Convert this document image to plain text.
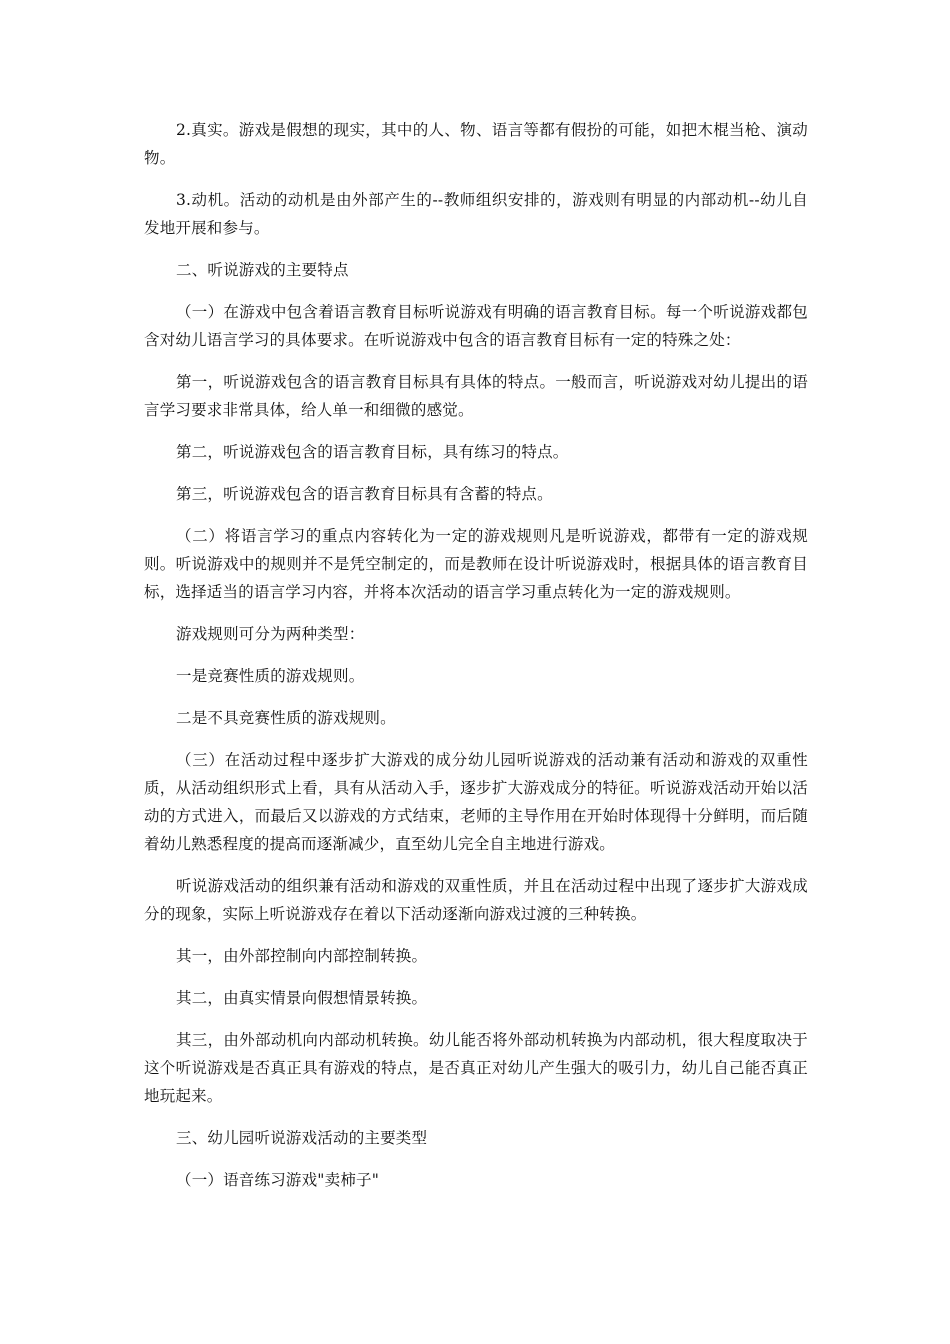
2.真实。游戏是假想的现实，其中的人、物、语言等都有假扮的可能，如把木棍当枪、演动物。

3.动机。活动的动机是由外部产生的--教师组织安排的，游戏则有明显的内部动机--幼儿自发地开展和参与。

二、听说游戏的主要特点

（一）在游戏中包含着语言教育目标听说游戏有明确的语言教育目标。每一个听说游戏都包含对幼儿语言学习的具体要求。在听说游戏中包含的语言教育目标有一定的特殊之处：

第一，听说游戏包含的语言教育目标具有具体的特点。一般而言，听说游戏对幼儿提出的语言学习要求非常具体，给人单一和细微的感觉。

第二，听说游戏包含的语言教育目标，具有练习的特点。

第三，听说游戏包含的语言教育目标具有含蓄的特点。

（二）将语言学习的重点内容转化为一定的游戏规则凡是听说游戏，都带有一定的游戏规则。听说游戏中的规则并不是凭空制定的，而是教师在设计听说游戏时，根据具体的语言教育目标，选择适当的语言学习内容，并将本次活动的语言学习重点转化为一定的游戏规则。

游戏规则可分为两种类型：

一是竞赛性质的游戏规则。

二是不具竞赛性质的游戏规则。

（三）在活动过程中逐步扩大游戏的成分幼儿园听说游戏的活动兼有活动和游戏的双重性质，从活动组织形式上看，具有从活动入手，逐步扩大游戏成分的特征。听说游戏活动开始以活动的方式进入，而最后又以游戏的方式结束，老师的主导作用在开始时体现得十分鲜明，而后随着幼儿熟悉程度的提高而逐渐减少，直至幼儿完全自主地进行游戏。

听说游戏活动的组织兼有活动和游戏的双重性质，并且在活动过程中出现了逐步扩大游戏成分的现象，实际上听说游戏存在着以下活动逐渐向游戏过渡的三种转换。

其一，由外部控制向内部控制转换。

其二，由真实情景向假想情景转换。

其三，由外部动机向内部动机转换。幼儿能否将外部动机转换为内部动机，很大程度取决于这个听说游戏是否真正具有游戏的特点，是否真正对幼儿产生强大的吸引力，幼儿自己能否真正地玩起来。

三、幼儿园听说游戏活动的主要类型

（一）语音练习游戏"卖柿子"
